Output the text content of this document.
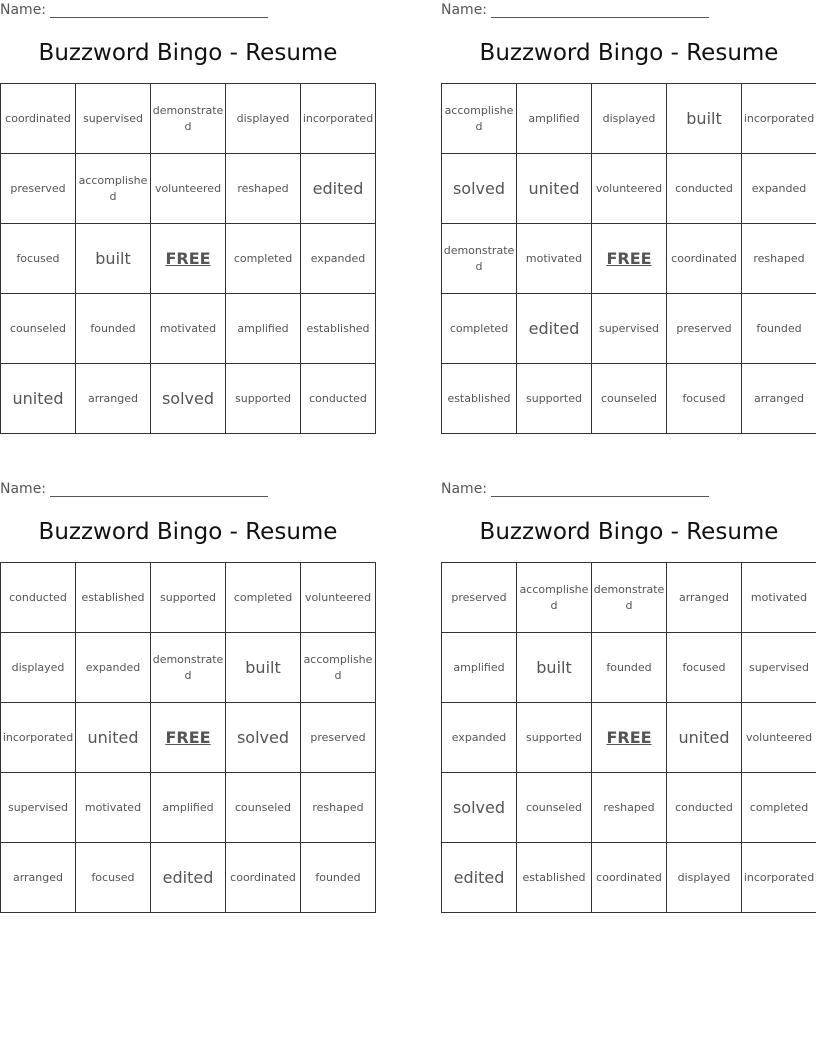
Name:
Buzzword Bingo - Resume
coordinated	supervised	demonstrated	displayed	incorporated
preserved	accomplished	volunteered	reshaped	edited
focused	built	FREE	completed	expanded
counseled	founded	motivated	amplified	established
united	arranged	solved	supported	conducted
Name:
Buzzword Bingo - Resume
accomplished	amplified	displayed	built	incorporated
solved	united	volunteered	conducted	expanded
demonstrated	motivated	FREE	coordinated	reshaped
completed	edited	supervised	preserved	founded
established	supported	counseled	focused	arranged
Name:
Buzzword Bingo - Resume
conducted	established	supported	completed	volunteered
displayed	expanded	demonstrated	built	accomplished
incorporated	united	FREE	solved	preserved
supervised	motivated	amplified	counseled	reshaped
arranged	focused	edited	coordinated	founded
Name:
Buzzword Bingo - Resume
preserved	accomplished	demonstrated	arranged	motivated
amplified	built	founded	focused	supervised
expanded	supported	FREE	united	volunteered
solved	counseled	reshaped	conducted	completed
edited	established	coordinated	displayed	incorporated
